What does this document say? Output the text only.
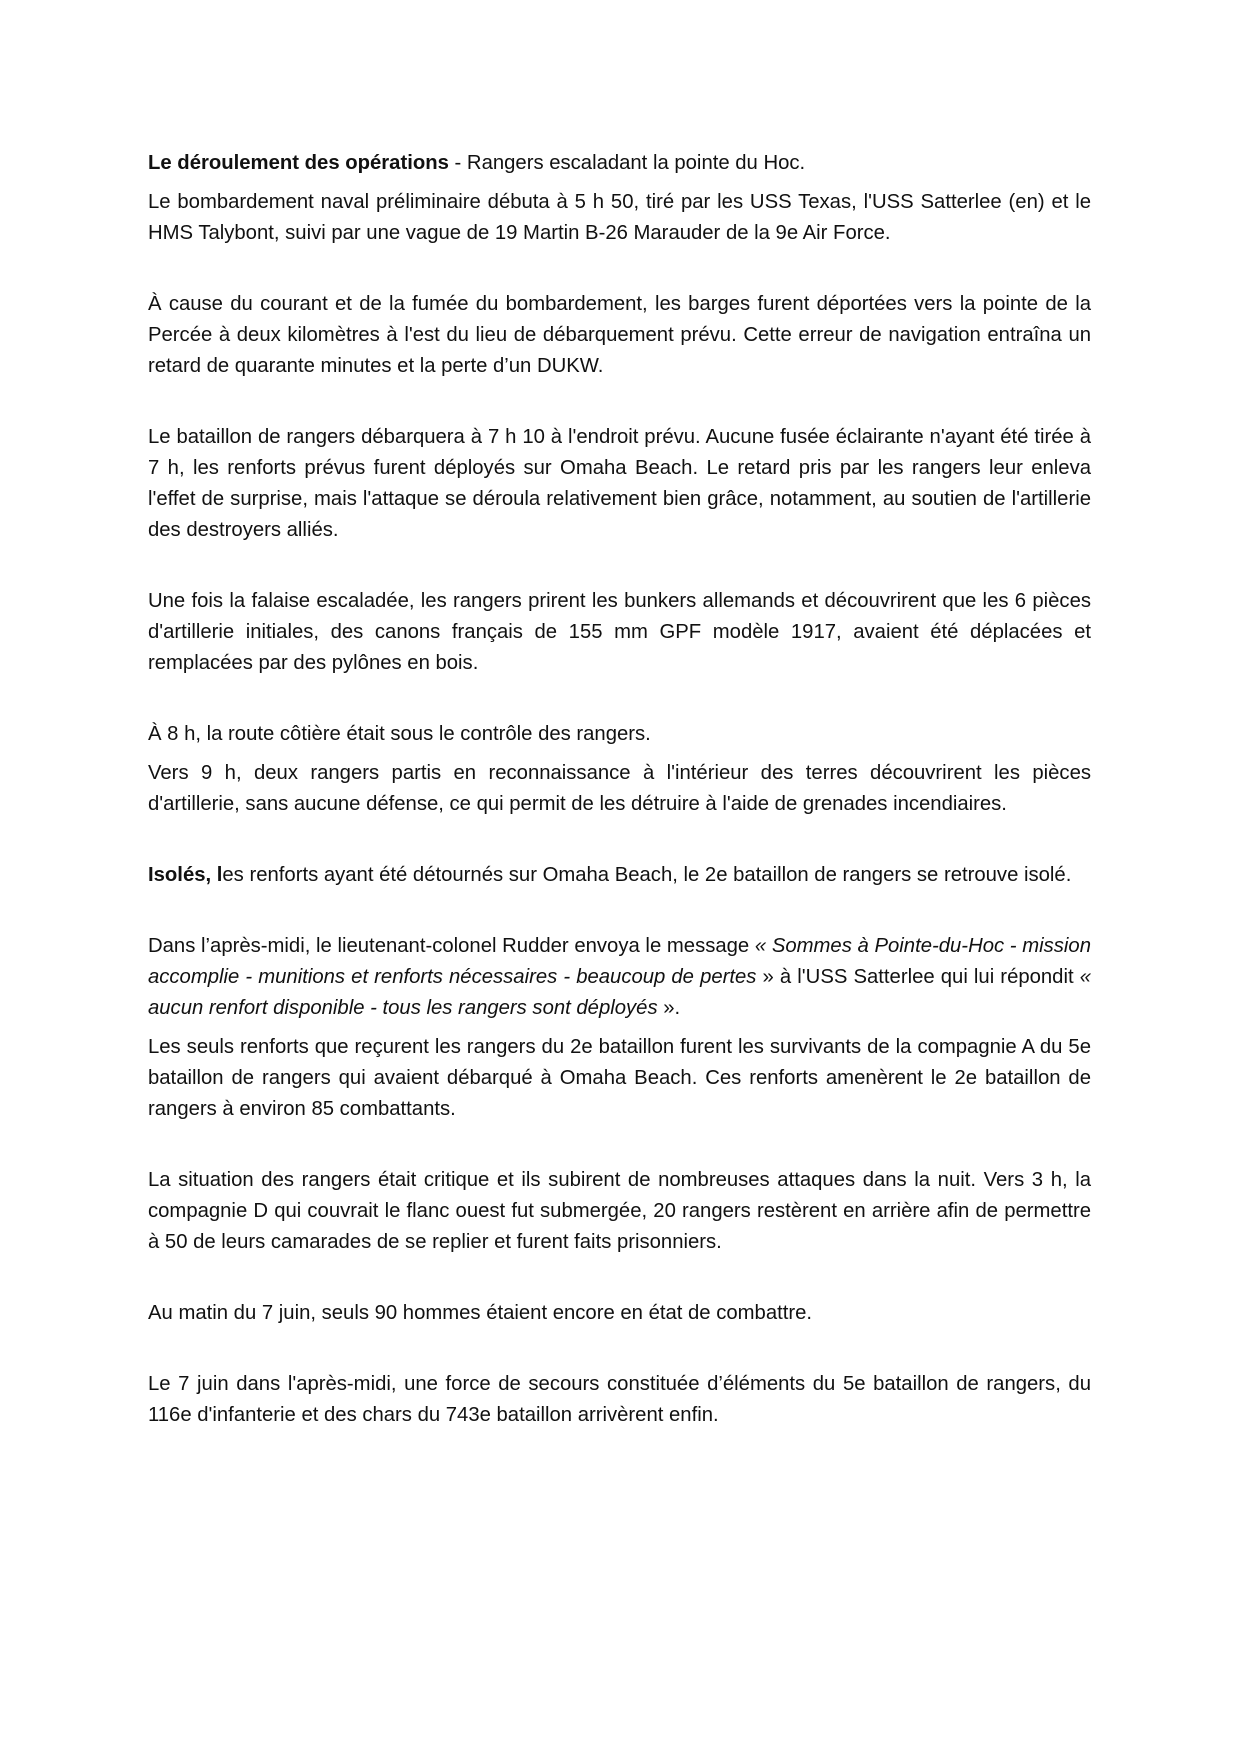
Le déroulement des opérations - Rangers escaladant la pointe du Hoc.

Le bombardement naval préliminaire débuta à 5 h 50, tiré par les USS Texas, l'USS Satterlee (en) et le HMS Talybont, suivi par une vague de 19 Martin B-26 Marauder de la 9e Air Force.

À cause du courant et de la fumée du bombardement, les barges furent déportées vers la pointe de la Percée à deux kilomètres à l'est du lieu de débarquement prévu. Cette erreur de navigation entraîna un retard de quarante minutes et la perte d’un DUKW.

Le bataillon de rangers débarquera à 7 h 10 à l'endroit prévu. Aucune fusée éclairante n'ayant été tirée à 7 h, les renforts prévus furent déployés sur Omaha Beach. Le retard pris par les rangers leur enleva l'effet de surprise, mais l'attaque se déroula relativement bien grâce, notamment, au soutien de l'artillerie des destroyers alliés.

Une fois la falaise escaladée, les rangers prirent les bunkers allemands et découvrirent que les 6 pièces d'artillerie initiales, des canons français de 155 mm GPF modèle 1917, avaient été déplacées et remplacées par des pylônes en bois.

À 8 h, la route côtière était sous le contrôle des rangers.

Vers 9 h, deux rangers partis en reconnaissance à l'intérieur des terres découvrirent les pièces d'artillerie, sans aucune défense, ce qui permit de les détruire à l'aide de grenades incendiaires.

Isolés, les renforts ayant été détournés sur Omaha Beach, le 2e bataillon de rangers se retrouve isolé.

Dans l’après-midi, le lieutenant-colonel Rudder envoya le message « Sommes à Pointe-du-Hoc - mission accomplie - munitions et renforts nécessaires - beaucoup de pertes » à l'USS Satterlee qui lui répondit « aucun renfort disponible - tous les rangers sont déployés ».

Les seuls renforts que reçurent les rangers du 2e bataillon furent les survivants de la compagnie A du 5e bataillon de rangers qui avaient débarqué à Omaha Beach. Ces renforts amenèrent le 2e bataillon de rangers à environ 85 combattants.

La situation des rangers était critique et ils subirent de nombreuses attaques dans la nuit. Vers 3 h, la compagnie D qui couvrait le flanc ouest fut submergée, 20 rangers restèrent en arrière afin de permettre à 50 de leurs camarades de se replier et furent faits prisonniers.

Au matin du 7 juin, seuls 90 hommes étaient encore en état de combattre.

Le 7 juin dans l'après-midi, une force de secours constituée d’éléments du 5e bataillon de rangers, du 116e d'infanterie et des chars du 743e bataillon arrivèrent enfin.
